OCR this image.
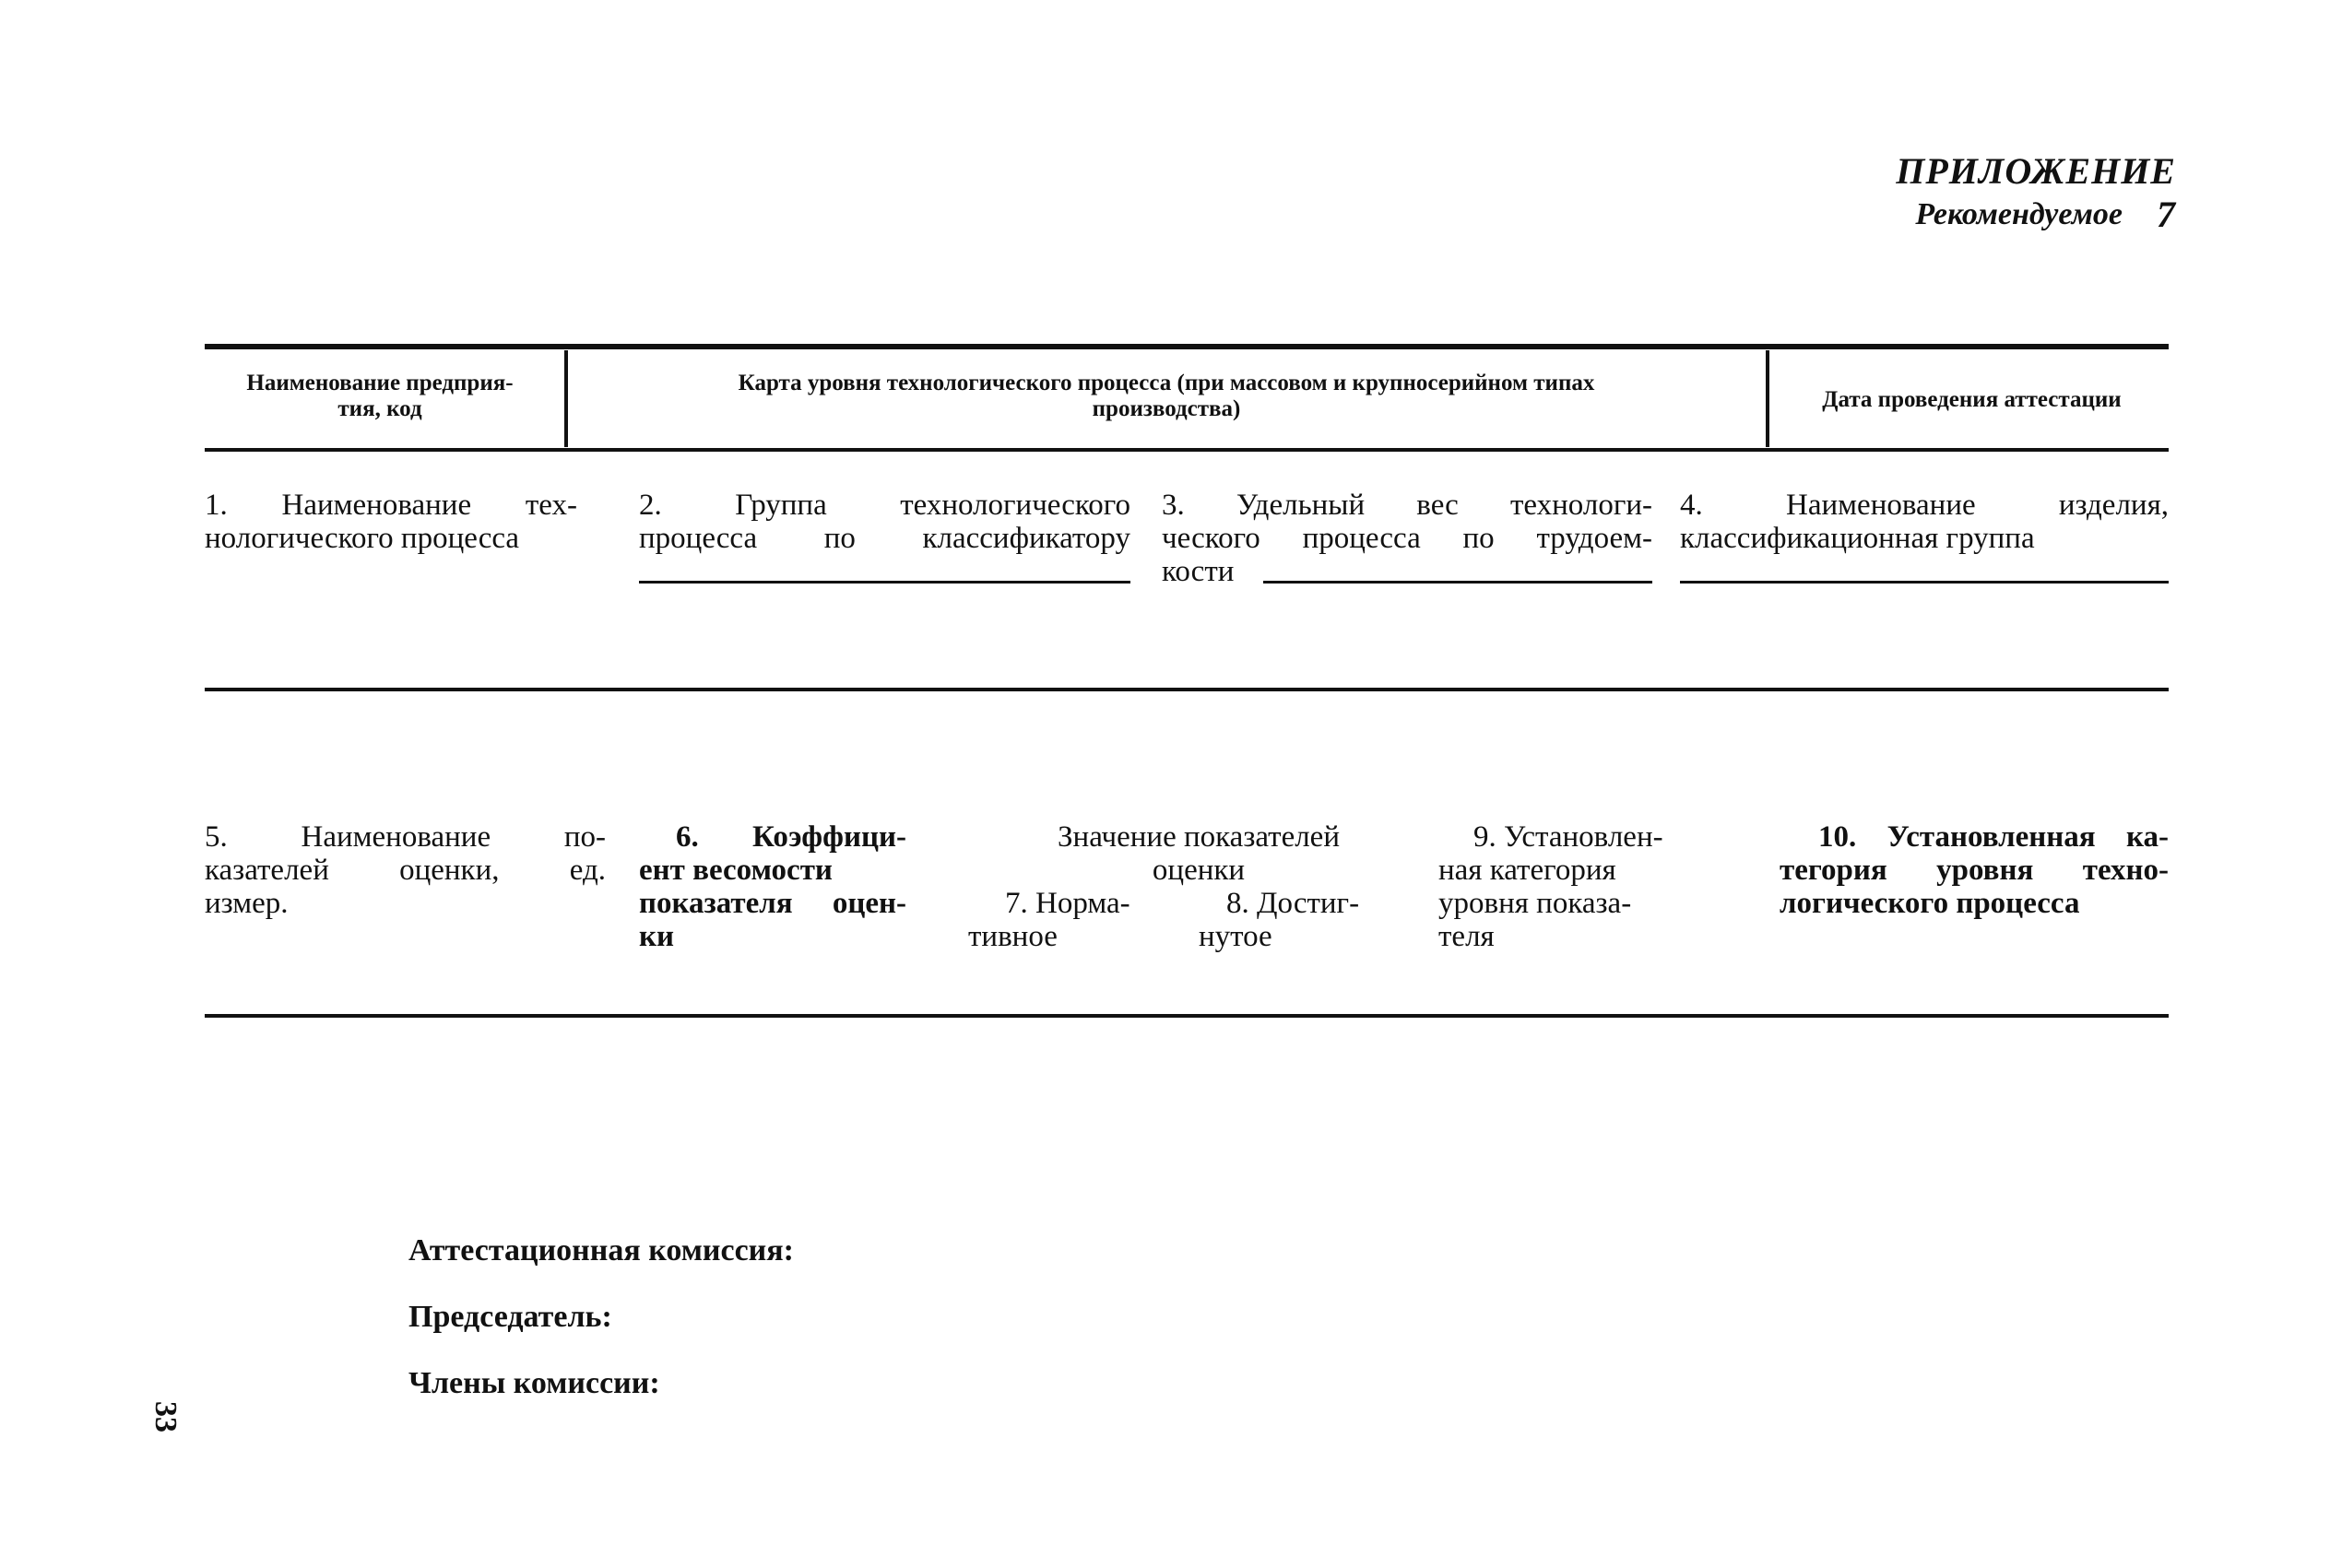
ПРИЛОЖЕНИЕ 7
Рекомендуемое
Наименование предприя-
тия, код
Карта уровня технологического процесса (при массовом и крупносерийном типах
производства)	Дата проведения аттестации
1. Наименование тех-
нологического процесса
2. Группа технологического
процесса по классификатору
3. Удельный вес технологи-
ческого процесса по трудоем-
кости
4. Наименование изделия,
классификационная группа
5. Наименование по-
казателей оценки, ед.
измер.
6. Коэффици-
ент весомости
показателя оцен-
ки
Значение показателей
оценки
7. Норма-
тивное
8. Достиг-
нутое
9. Установлен-
ная категория
уровня показа-
теля
10. Установленная ка-
тегория уровня техно-
логического процесса
Аттестационная комиссия:
Председатель:
Члены комиссии:
33
